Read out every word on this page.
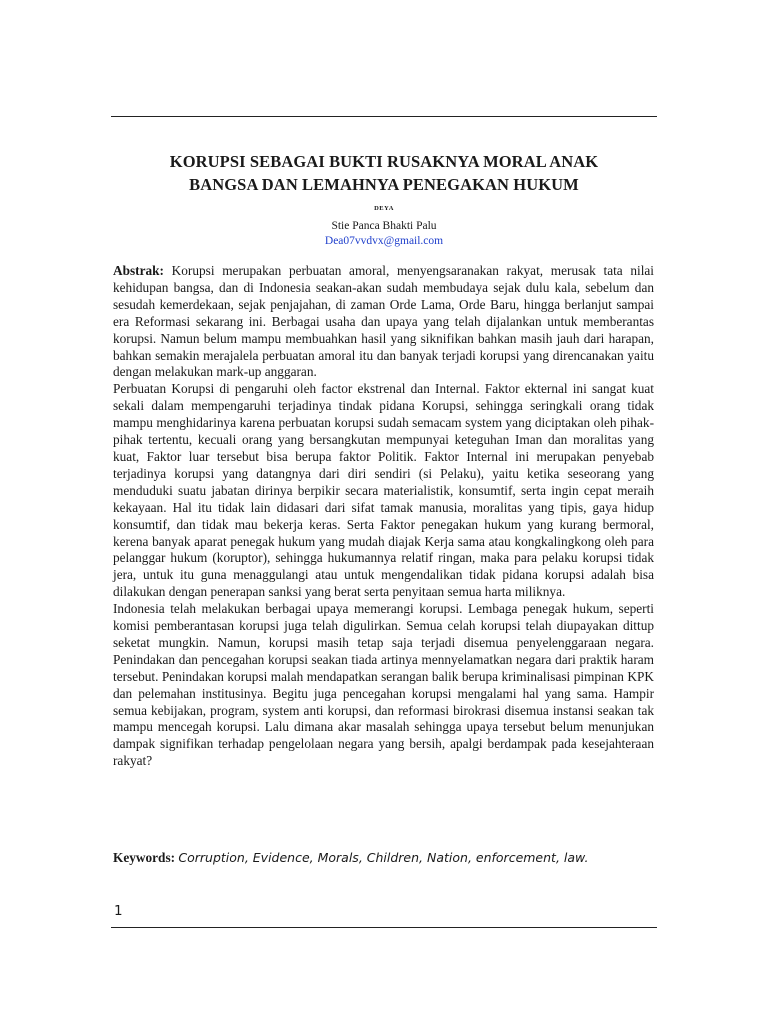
KORUPSI SEBAGAI BUKTI RUSAKNYA MORAL ANAK
BANGSA DAN LEMAHNYA PENEGAKAN HUKUM
DEYA
Stie Panca Bhakti Palu
Dea07vvdvx@gmail.com

Abstrak: Korupsi merupakan perbuatan amoral, menyengsaranakan rakyat, merusak tata nilai kehidupan bangsa, dan di Indonesia seakan-akan sudah membudaya sejak dulu kala, sebelum dan sesudah kemerdekaan, sejak penjajahan, di zaman Orde Lama, Orde Baru, hingga berlanjut sampai era Reformasi sekarang ini. Berbagai usaha dan upaya yang telah dijalankan untuk memberantas korupsi. Namun belum mampu membuahkan hasil yang siknifikan bahkan masih jauh dari harapan, bahkan semakin merajalela perbuatan amoral itu dan banyak terjadi korupsi yang direncanakan yaitu dengan melakukan mark-up anggaran.

Perbuatan Korupsi di pengaruhi oleh factor ekstrenal dan Internal. Faktor ekternal ini sangat kuat sekali dalam mempengaruhi terjadinya tindak pidana Korupsi, sehingga seringkali orang tidak mampu menghidarinya karena perbuatan korupsi sudah semacam system yang diciptakan oleh pihak-pihak tertentu, kecuali orang yang bersangkutan mempunyai keteguhan Iman dan moralitas yang kuat, Faktor luar tersebut bisa berupa faktor Politik. Faktor Internal ini merupakan penyebab terjadinya korupsi yang datangnya dari diri sendiri (si Pelaku), yaitu ketika seseorang yang menduduki suatu jabatan dirinya berpikir secara materialistik, konsumtif, serta ingin cepat meraih kekayaan. Hal itu tidak lain didasari dari sifat tamak manusia, moralitas yang tipis, gaya hidup konsumtif, dan tidak mau bekerja keras. Serta Faktor penegakan hukum yang kurang bermoral, kerena banyak aparat penegak hukum yang mudah diajak Kerja sama atau kongkalingkong oleh para pelanggar hukum (koruptor), sehingga hukumannya relatif ringan, maka para pelaku korupsi tidak jera, untuk itu guna menaggulangi atau untuk mengendalikan tidak pidana korupsi adalah bisa dilakukan dengan penerapan sanksi yang berat serta penyitaan semua harta miliknya.

Indonesia telah melakukan berbagai upaya memerangi korupsi. Lembaga penegak hukum, seperti komisi pemberantasan korupsi juga telah digulirkan. Semua celah korupsi telah diupayakan dittup seketat mungkin. Namun, korupsi masih tetap saja terjadi disemua penyelenggaraan negara. Penindakan dan pencegahan korupsi seakan tiada artinya mennyelamatkan negara dari praktik haram tersebut. Penindakan korupsi malah mendapatkan serangan balik berupa kriminalisasi pimpinan KPK dan pelemahan institusinya. Begitu juga pencegahan korupsi mengalami hal yang sama. Hampir semua kebijakan, program, system anti korupsi, dan reformasi birokrasi disemua instansi seakan tak mampu mencegah korupsi. Lalu dimana akar masalah sehingga upaya tersebut belum menunjukan dampak signifikan terhadap pengelolaan negara yang bersih, apalgi berdampak pada kesejahteraan rakyat?

Keywords: Corruption, Evidence, Morals, Children, Nation, enforcement, law.
1
